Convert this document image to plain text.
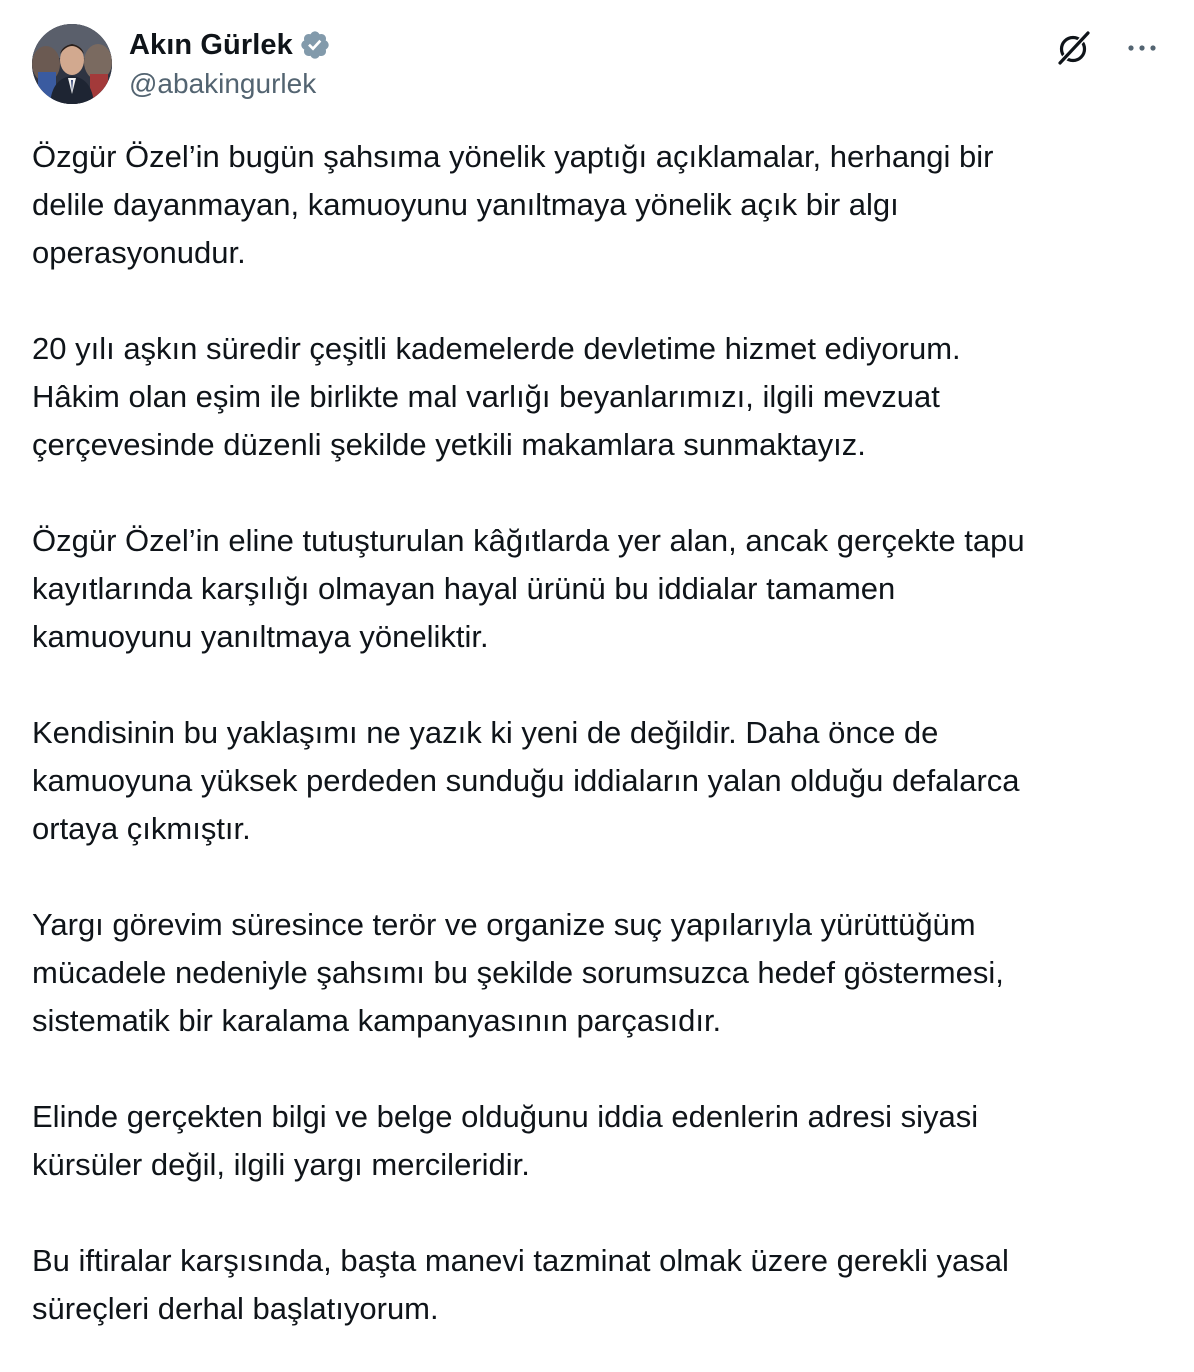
Akın Gürlek
@abakingurlek

Özgür Özel’in bugün şahsıma yönelik yaptığı açıklamalar, herhangi bir
delile dayanmayan, kamuoyunu yanıltmaya yönelik açık bir algı
operasyonudur.

20 yılı aşkın süredir çeşitli kademelerde devletime hizmet ediyorum.
Hâkim olan eşim ile birlikte mal varlığı beyanlarımızı, ilgili mevzuat
çerçevesinde düzenli şekilde yetkili makamlara sunmaktayız.

Özgür Özel’in eline tutuşturulan kâğıtlarda yer alan, ancak gerçekte tapu
kayıtlarında karşılığı olmayan hayal ürünü bu iddialar tamamen
kamuoyunu yanıltmaya yöneliktir.

Kendisinin bu yaklaşımı ne yazık ki yeni de değildir. Daha önce de
kamuoyuna yüksek perdeden sunduğu iddiaların yalan olduğu defalarca
ortaya çıkmıştır.

Yargı görevim süresince terör ve organize suç yapılarıyla yürüttüğüm
mücadele nedeniyle şahsımı bu şekilde sorumsuzca hedef göstermesi,
sistematik bir karalama kampanyasının parçasıdır.

Elinde gerçekten bilgi ve belge olduğunu iddia edenlerin adresi siyasi
kürsüler değil, ilgili yargı mercileridir.

Bu iftiralar karşısında, başta manevi tazminat olmak üzere gerekli yasal
süreçleri derhal başlatıyorum.
